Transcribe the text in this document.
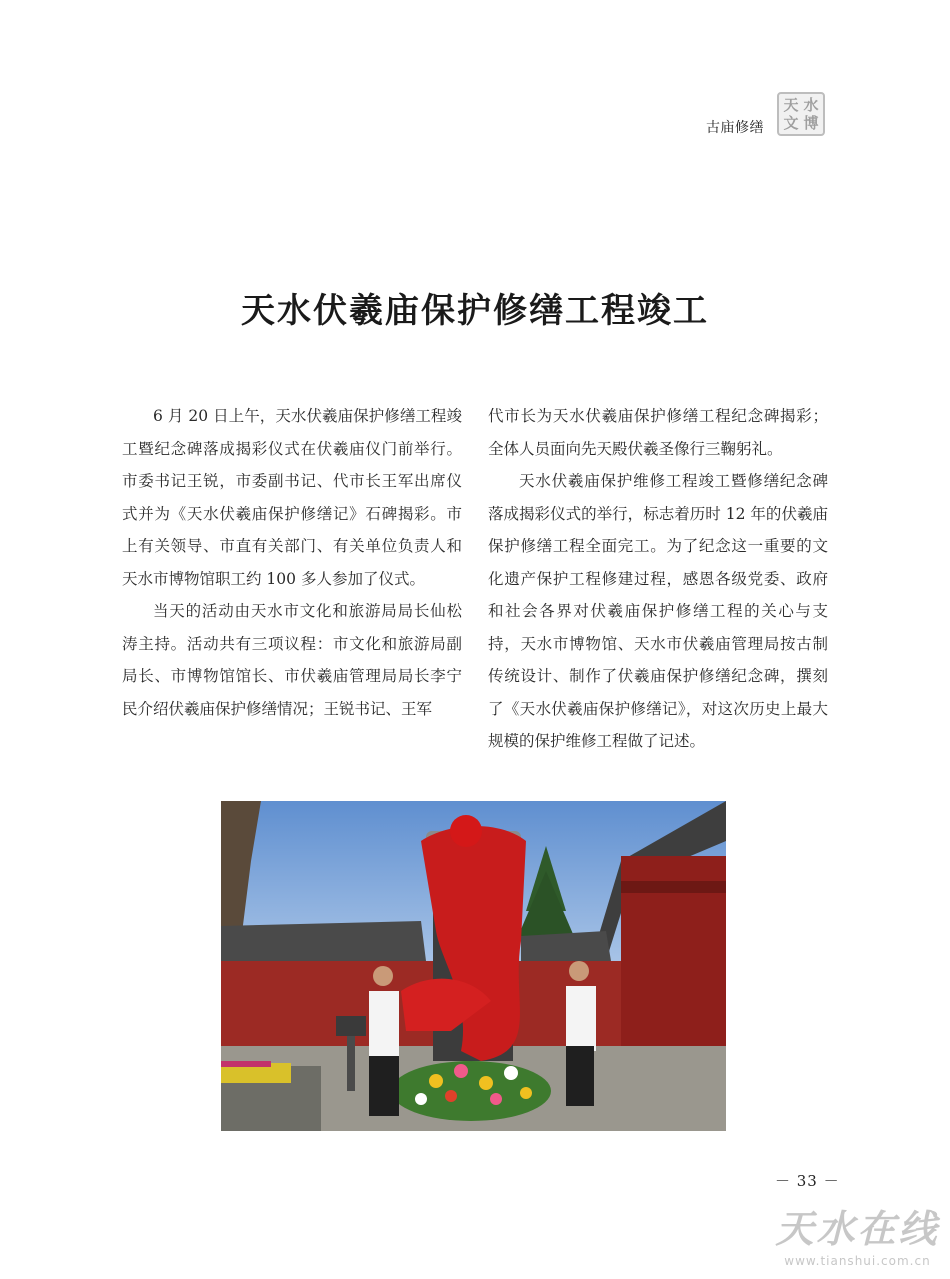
古庙修缮
天 水
文 博
天水伏羲庙保护修缮工程竣工

6 月 20 日上午，天水伏羲庙保护修缮工程竣工暨纪念碑落成揭彩仪式在伏羲庙仪门前举行。市委书记王锐，市委副书记、代市长王军出席仪式并为《天水伏羲庙保护修缮记》石碑揭彩。市上有关领导、市直有关部门、有关单位负责人和天水市博物馆职工约 100 多人参加了仪式。

当天的活动由天水市文化和旅游局局长仙松涛主持。活动共有三项议程：市文化和旅游局副局长、市博物馆馆长、市伏羲庙管理局局长李宁民介绍伏羲庙保护修缮情况；王锐书记、王军

代市长为天水伏羲庙保护修缮工程纪念碑揭彩；全体人员面向先天殿伏羲圣像行三鞠躬礼。

天水伏羲庙保护维修工程竣工暨修缮纪念碑落成揭彩仪式的举行，标志着历时 12 年的伏羲庙保护修缮工程全面完工。为了纪念这一重要的文化遗产保护工程修建过程，感恩各级党委、政府和社会各界对伏羲庙保护修缮工程的关心与支持，天水市博物馆、天水市伏羲庙管理局按古制传统设计、制作了伏羲庙保护修缮纪念碑，撰刻了《天水伏羲庙保护修缮记》，对这次历史上最大规模的保护维修工程做了记述。

－ 33 －
天水在线
www.tianshui.com.cn
